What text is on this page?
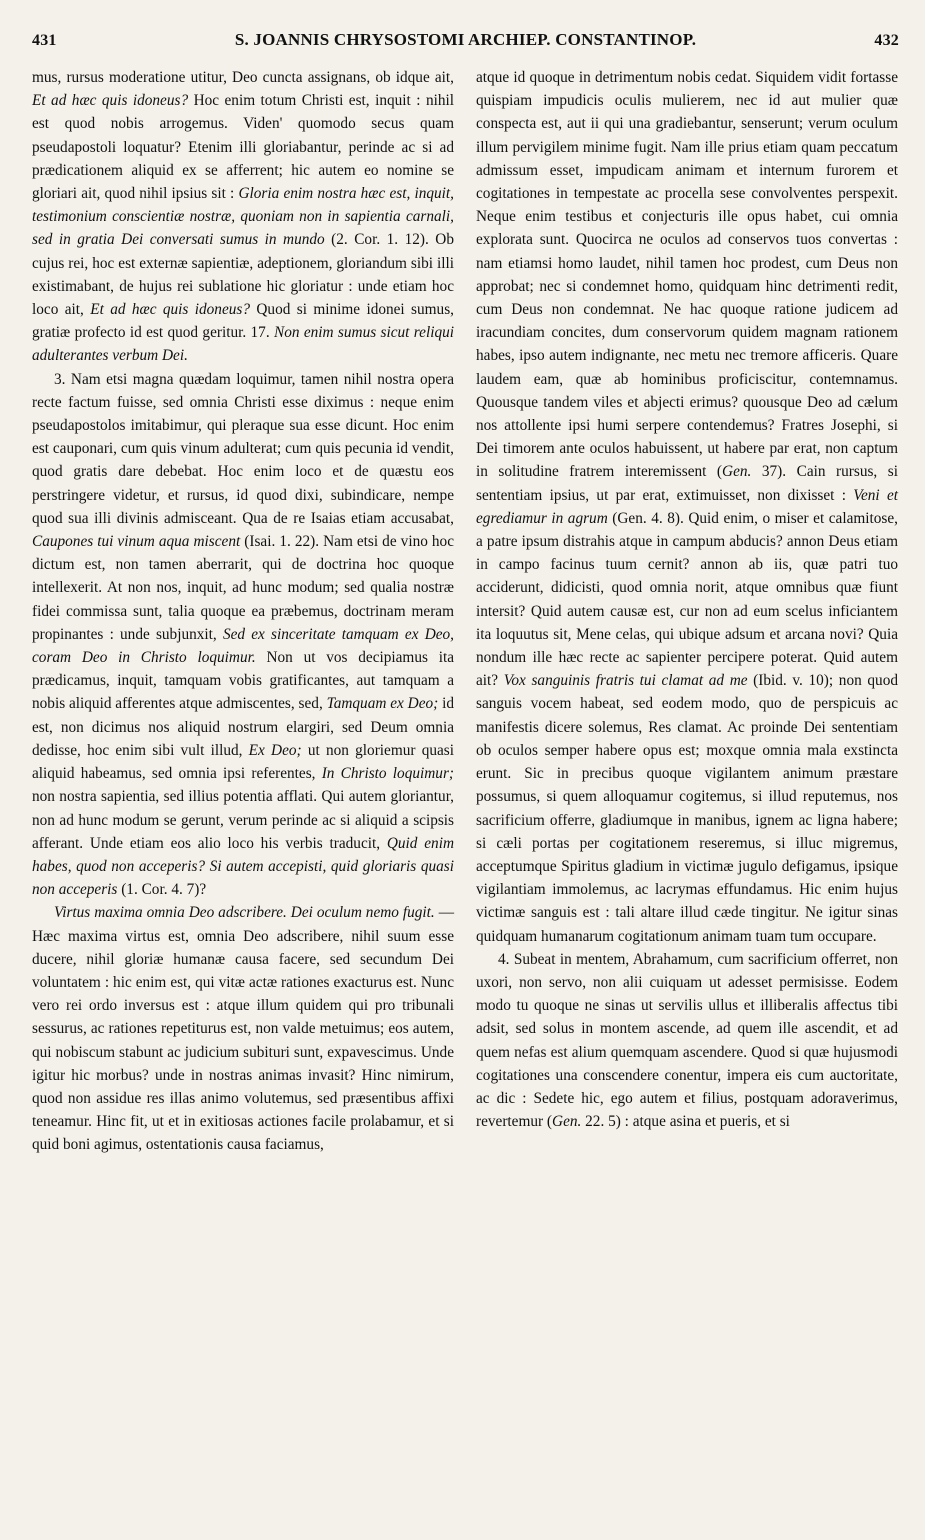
431	S. JOANNIS CHRYSOSTOMI ARCHIEP. CONSTANTINOP.	432

mus, rursus moderatione utitur, Deo cuncta assignans, ob idque ait, Et ad hæc quis idoneus? Hoc enim totum Christi est, inquit : nihil est quod nobis arrogemus. Viden' quomodo secus quam pseudapostoli loquatur? Etenim illi gloriabantur, perinde ac si ad prædicationem aliquid ex se afferrent; hic autem eo nomine se gloriari ait, quod nihil ipsius sit : Gloria enim nostra hæc est, inquit, testimonium conscientiæ nostræ, quoniam non in sapientia carnali, sed in gratia Dei conversati sumus in mundo (2. Cor. 1. 12). Ob cujus rei, hoc est externæ sapientiæ, adeptionem, gloriandum sibi illi existimabant, de hujus rei sublatione hic gloriatur : unde etiam hoc loco ait, Et ad hæc quis idoneus? Quod si minime idonei sumus, gratiæ profecto id est quod geritur. 17. Non enim sumus sicut reliqui adulterantes verbum Dei.

3. Nam etsi magna quædam loquimur, tamen nihil nostra opera recte factum fuisse, sed omnia Christi esse diximus : neque enim pseudapostolos imitabimur, qui pleraque sua esse dicunt. Hoc enim est cauponari, cum quis vinum adulterat; cum quis pecunia id vendit, quod gratis dare debebat. Hoc enim loco et de quæstu eos perstringere videtur, et rursus, id quod dixi, subindicare, nempe quod sua illi divinis admisceant. Qua de re Isaias etiam accusabat, Caupones tui vinum aqua miscent (Isai. 1. 22). Nam etsi de vino hoc dictum est, non tamen aberrarit, qui de doctrina hoc quoque intellexerit. At non nos, inquit, ad hunc modum; sed qualia nostræ fidei commissa sunt, talia quoque ea præbemus, doctrinam meram propinantes : unde subjunxit, Sed ex sinceritate tamquam ex Deo, coram Deo in Christo loquimur. Non ut vos decipiamus ita prædicamus, inquit, tamquam vobis gratificantes, aut tamquam a nobis aliquid afferentes atque admiscentes, sed, Tamquam ex Deo; id est, non dicimus nos aliquid nostrum elargiri, sed Deum omnia dedisse, hoc enim sibi vult illud, Ex Deo; ut non gloriemur quasi aliquid habeamus, sed omnia ipsi referentes, In Christo loquimur; non nostra sapientia, sed illius potentia afflati. Qui autem gloriantur, non ad hunc modum se gerunt, verum perinde ac si aliquid a scipsis afferant. Unde etiam eos alio loco his verbis traducit, Quid enim habes, quod non acceperis? Si autem accepisti, quid gloriaris quasi non acceperis (1. Cor. 4. 7)?

Virtus maxima omnia Deo adscribere. Dei oculum nemo fugit. — Hæc maxima virtus est, omnia Deo adscribere, nihil suum esse ducere, nihil gloriæ humanæ causa facere, sed secundum Dei voluntatem : hic enim est, qui vitæ actæ rationes exacturus est. Nunc vero rei ordo inversus est : atque illum quidem qui pro tribunali sessurus, ac rationes repetiturus est, non valde metuimus; eos autem, qui nobiscum stabunt ac judicium subituri sunt, expavescimus. Unde igitur hic morbus? unde in nostras animas invasit? Hinc nimirum, quod non assidue res illas animo volutemus, sed præsentibus affixi teneamur. Hinc fit, ut et in exitiosas actiones facile prolabamur, et si quid boni agimus, ostentationis causa faciamus,

atque id quoque in detrimentum nobis cedat. Siquidem vidit fortasse quispiam impudicis oculis mulierem, nec id aut mulier quæ conspecta est, aut ii qui una gradiebantur, senserunt; verum oculum illum pervigilem minime fugit. Nam ille prius etiam quam peccatum admissum esset, impudicam animam et internum furorem et cogitationes in tempestate ac procella sese convolventes perspexit. Neque enim testibus et conjecturis ille opus habet, cui omnia explorata sunt. Quocirca ne oculos ad conservos tuos convertas : nam etiamsi homo laudet, nihil tamen hoc prodest, cum Deus non approbat; nec si condemnet homo, quidquam hinc detrimenti redit, cum Deus non condemnat. Ne hac quoque ratione judicem ad iracundiam concites, dum conservorum quidem magnam rationem habes, ipso autem indignante, nec metu nec tremore afficeris. Quare laudem eam, quæ ab hominibus proficiscitur, contemnamus. Quousque tandem viles et abjecti erimus? quousque Deo ad cælum nos attollente ipsi humi serpere contendemus? Fratres Josephi, si Dei timorem ante oculos habuissent, ut habere par erat, non captum in solitudine fratrem interemissent (Gen. 37). Cain rursus, si sententiam ipsius, ut par erat, extimuisset, non dixisset : Veni et egrediamur in agrum (Gen. 4. 8). Quid enim, o miser et calamitose, a patre ipsum distrahis atque in campum abducis? annon Deus etiam in campo facinus tuum cernit? annon ab iis, quæ patri tuo acciderunt, didicisti, quod omnia norit, atque omnibus quæ fiunt intersit? Quid autem causæ est, cur non ad eum scelus inficiantem ita loquutus sit, Mene celas, qui ubique adsum et arcana novi? Quia nondum ille hæc recte ac sapienter percipere poterat. Quid autem ait? Vox sanguinis fratris tui clamat ad me (Ibid. v. 10); non quod sanguis vocem habeat, sed eodem modo, quo de perspicuis ac manifestis dicere solemus, Res clamat. Ac proinde Dei sententiam ob oculos semper habere opus est; moxque omnia mala exstincta erunt. Sic in precibus quoque vigilantem animum præstare possumus, si quem alloquamur cogitemus, si illud reputemus, nos sacrificium offerre, gladiumque in manibus, ignem ac ligna habere; si cæli portas per cogitationem reseremus, si illuc migremus, acceptumque Spiritus gladium in victimæ jugulo defigamus, ipsique vigilantiam immolemus, ac lacrymas effundamus. Hic enim hujus victimæ sanguis est : tali altare illud cæde tingitur. Ne igitur sinas quidquam humanarum cogitationum animam tuam tum occupare.

4. Subeat in mentem, Abrahamum, cum sacrificium offerret, non uxori, non servo, non alii cuiquam ut adesset permisisse. Eodem modo tu quoque ne sinas ut servilis ullus et illiberalis affectus tibi adsit, sed solus in montem ascende, ad quem ille ascendit, et ad quem nefas est alium quemquam ascendere. Quod si quæ hujusmodi cogitationes una conscendere conentur, impera eis cum auctoritate, ac dic : Sedete hic, ego autem et filius, postquam adoraverimus, revertemur (Gen. 22. 5) : atque asina et pueris, et si
